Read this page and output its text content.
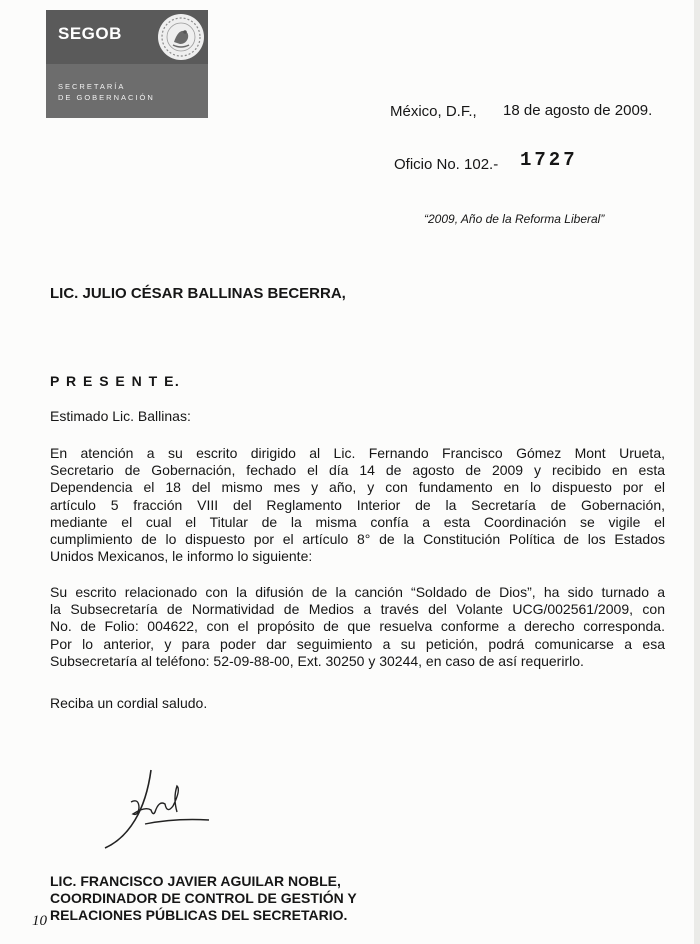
SEGOB
SECRETARÍA
DE GOBERNACIÓN
México, D.F., 18 de agosto de 2009.
Oficio No. 102.- 1727
“2009, Año de la Reforma Liberal”
LIC. JULIO CÉSAR BALLINAS BECERRA,
P R E S E N T E.
Estimado Lic. Ballinas:
En atención a su escrito dirigido al Lic. Fernando Francisco Gómez Mont Urueta,
Secretario de Gobernación, fechado el día 14 de agosto de 2009 y recibido en esta
Dependencia el 18 del mismo mes y año, y con fundamento en lo dispuesto por el
artículo 5 fracción VIII del Reglamento Interior de la Secretaría de Gobernación,
mediante el cual el Titular de la misma confía a esta Coordinación se vigile el
cumplimiento de lo dispuesto por el artículo 8° de la Constitución Política de los Estados
Unidos Mexicanos, le informo lo siguiente:
Su escrito relacionado con la difusión de la canción “Soldado de Dios”, ha sido turnado a
la Subsecretaría de Normatividad de Medios a través del Volante UCG/002561/2009, con
No. de Folio: 004622, con el propósito de que resuelva conforme a derecho corresponda.
Por lo anterior, y para poder dar seguimiento a su petición, podrá comunicarse a esa
Subsecretaría al teléfono: 52-09-88-00, Ext. 30250 y 30244, en caso de así requerirlo.
Reciba un cordial saludo.
LIC. FRANCISCO JAVIER AGUILAR NOBLE,
COORDINADOR DE CONTROL DE GESTIÓN Y
RELACIONES PÚBLICAS DEL SECRETARIO.
10
